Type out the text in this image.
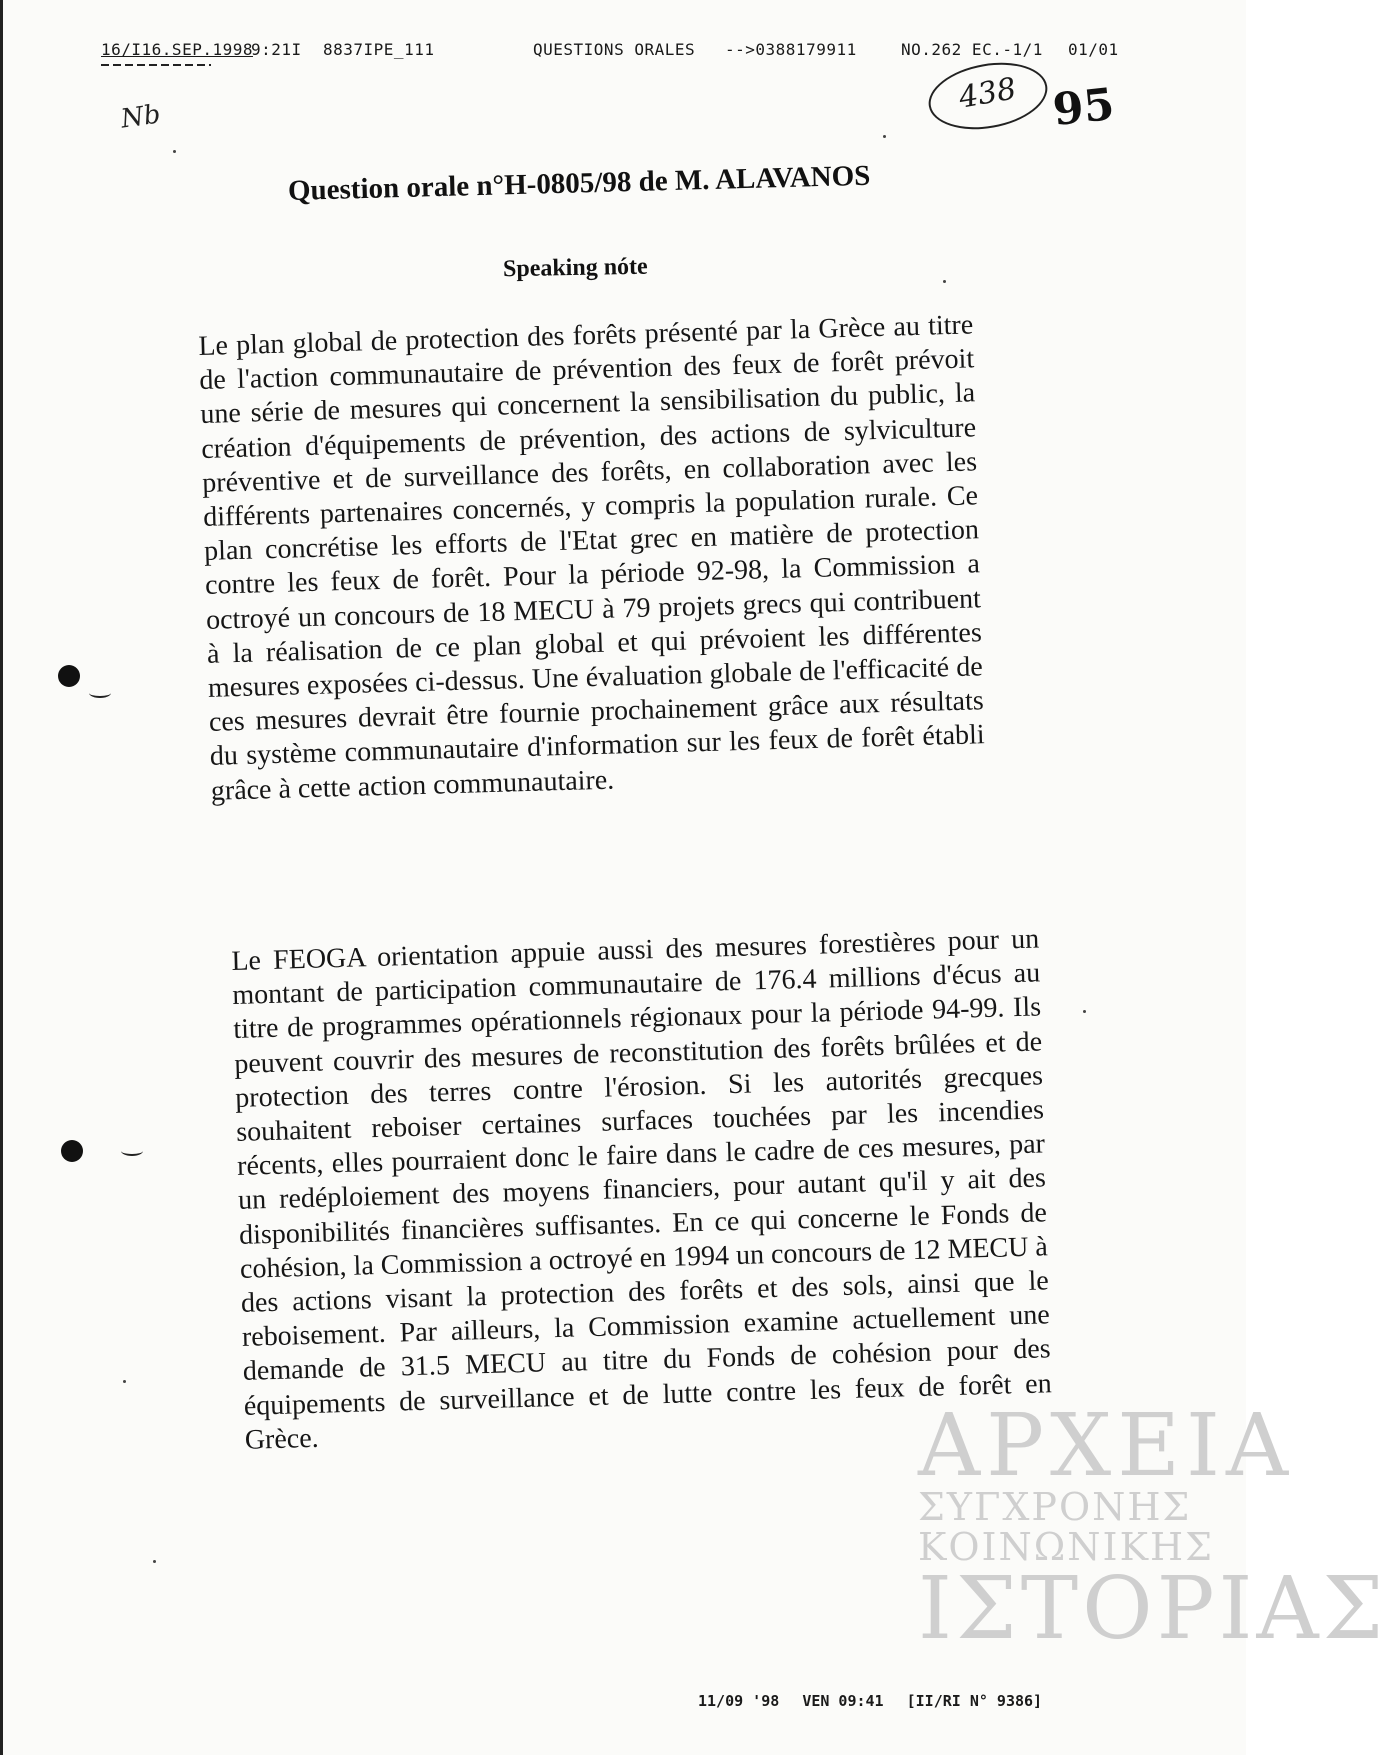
16/І16.SEP.1998⁠⁠
9:21І 8837ІPE_111	QUESTIONS ORALES -->0388179911	NO.262 EC.-1/1 01/01
Nb
438 95
Question orale n°H-0805/98 de M. ALAVANOS
Speaking nóte
Le plan global de protection des forêts présenté par la Grèce au titre de l'action communautaire de prévention des feux de forêt prévoit une série de mesures qui concernent la sensibilisation du public, la création d'équipements de prévention, des actions de sylviculture préventive et de surveillance des forêts, en collaboration avec les différents partenaires concernés, y compris la population rurale. Ce plan concrétise les efforts de l'Etat grec en matière de protection contre les feux de forêt. Pour la période 92-98, la Commission a octroyé un concours de 18 MECU à 79 projets grecs qui contribuent à la réalisation de ce plan global et qui prévoient les différentes mesures exposées ci-dessus. Une évaluation globale de l'efficacité de ces mesures devrait être fournie prochainement grâce aux résultats du système communautaire d'information sur les feux de forêt établi grâce à cette action communautaire.
Le FEOGA orientation appuie aussi des mesures forestières pour un montant de participation communautaire de 176.4 millions d'écus au titre de programmes opérationnels régionaux pour la période 94-99. Ils peuvent couvrir des mesures de reconstitution des forêts brûlées et de protection des terres contre l'érosion. Si les autorités grecques souhaitent reboiser certaines surfaces touchées par les incendies récents, elles pourraient donc le faire dans le cadre de ces mesures, par un redéploiement des moyens financiers, pour autant qu'il y ait des disponibilités financières suffisantes. En ce qui concerne le Fonds de cohésion, la Commission a octroyé en 1994 un concours de 12 MECU à des actions visant la protection des forêts et des sols, ainsi que le reboisement. Par ailleurs, la Commission examine actuellement une demande de 31.5 MECU au titre du Fonds de cohésion pour des équipements de surveillance et de lutte contre les feux de forêt en Grèce.	ΑΡΧΕΙΑ
ΣΥΓΧΡΟΝΗΣ
ΚΟΙΝΩΝΙΚΗΣ
ΙΣΤΟΡΙΑΣ
11/09 '98 VEN 09:41 [II/RI N° 9386]
